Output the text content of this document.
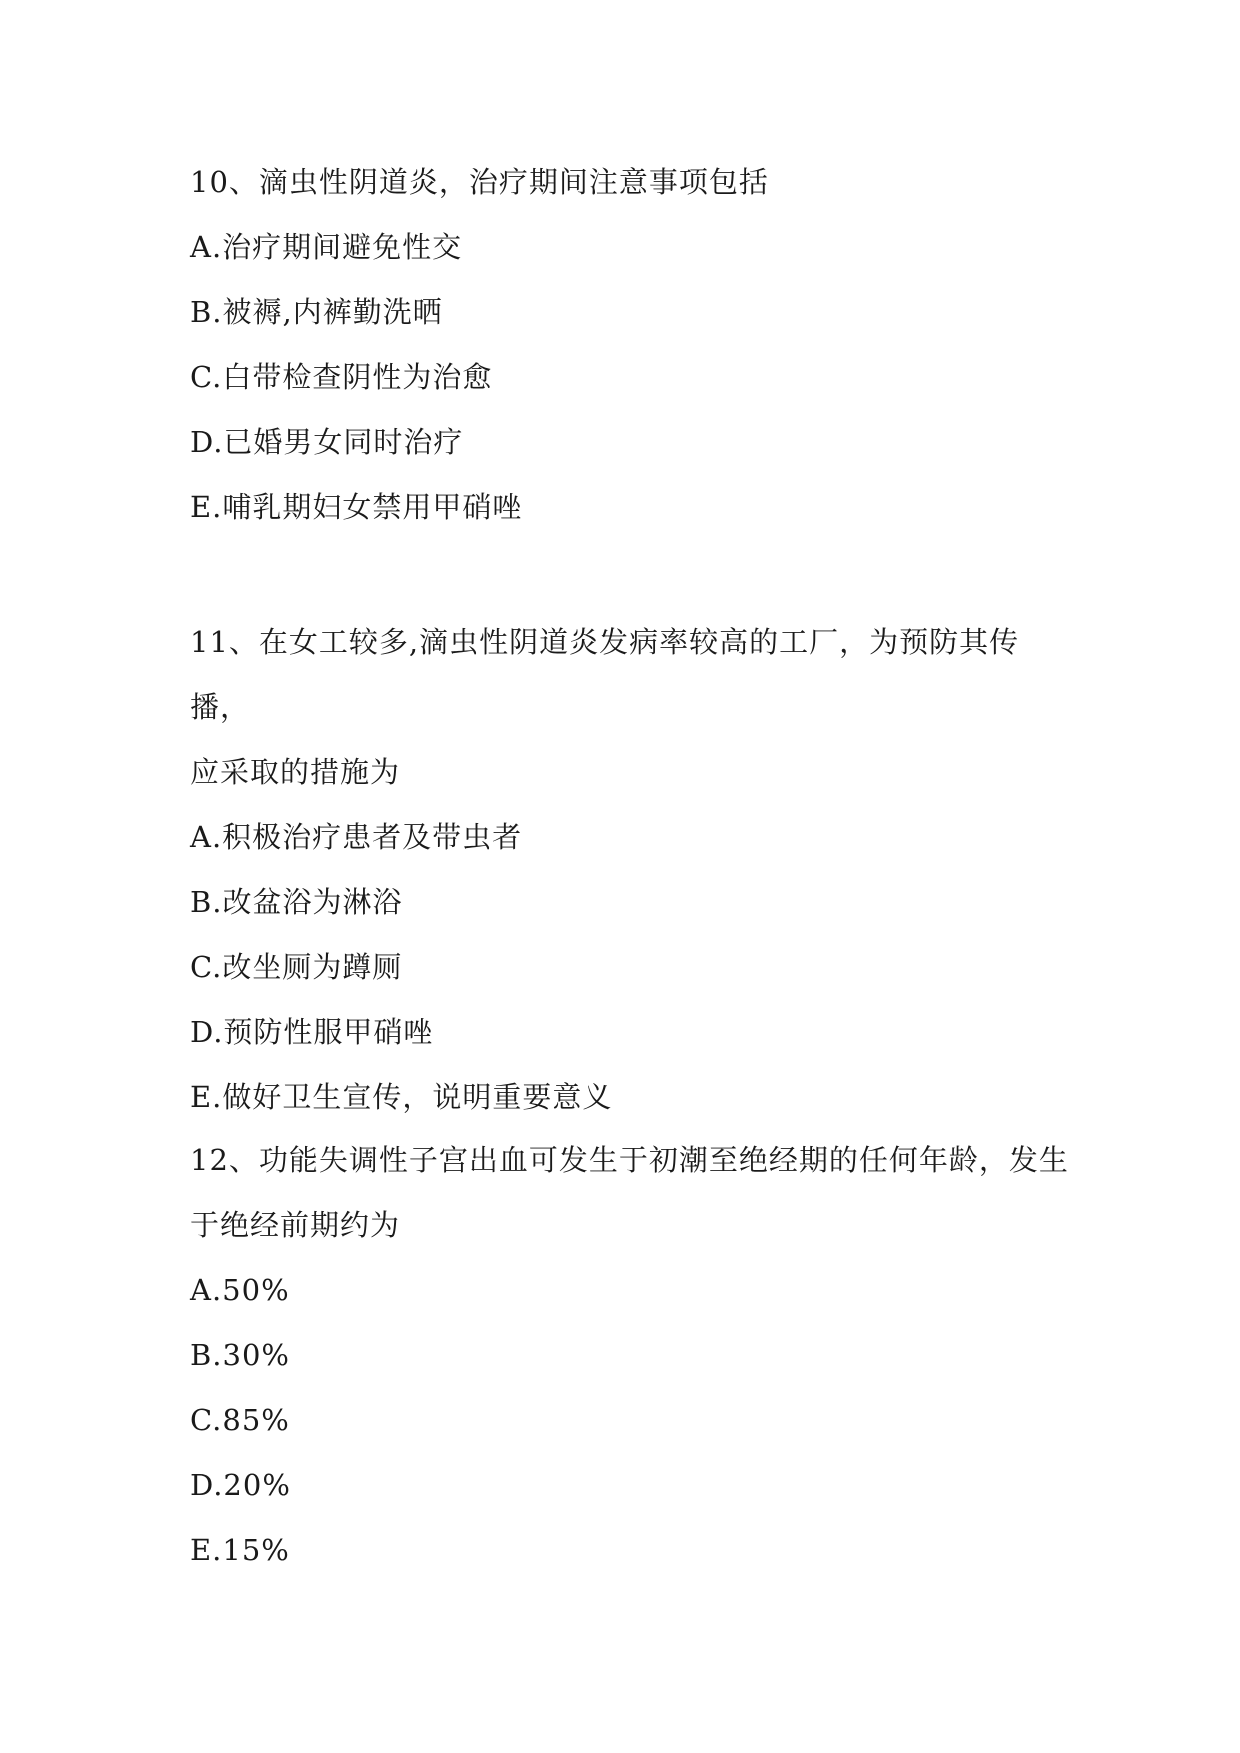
10、滴虫性阴道炎，治疗期间注意事项包括

A.治疗期间避免性交

B.被褥,内裤勤洗晒

C.白带检查阴性为治愈

D.已婚男女同时治疗

E.哺乳期妇女禁用甲硝唑

11、在女工较多,滴虫性阴道炎发病率较高的工厂，为预防其传播，

应采取的措施为

A.积极治疗患者及带虫者

B.改盆浴为淋浴

C.改坐厕为蹲厕

D.预防性服甲硝唑

E.做好卫生宣传，说明重要意义

12、功能失调性子宫出血可发生于初潮至绝经期的任何年龄，发生

于绝经前期约为

A.50%

B.30%

C.85%

D.20%

E.15%
